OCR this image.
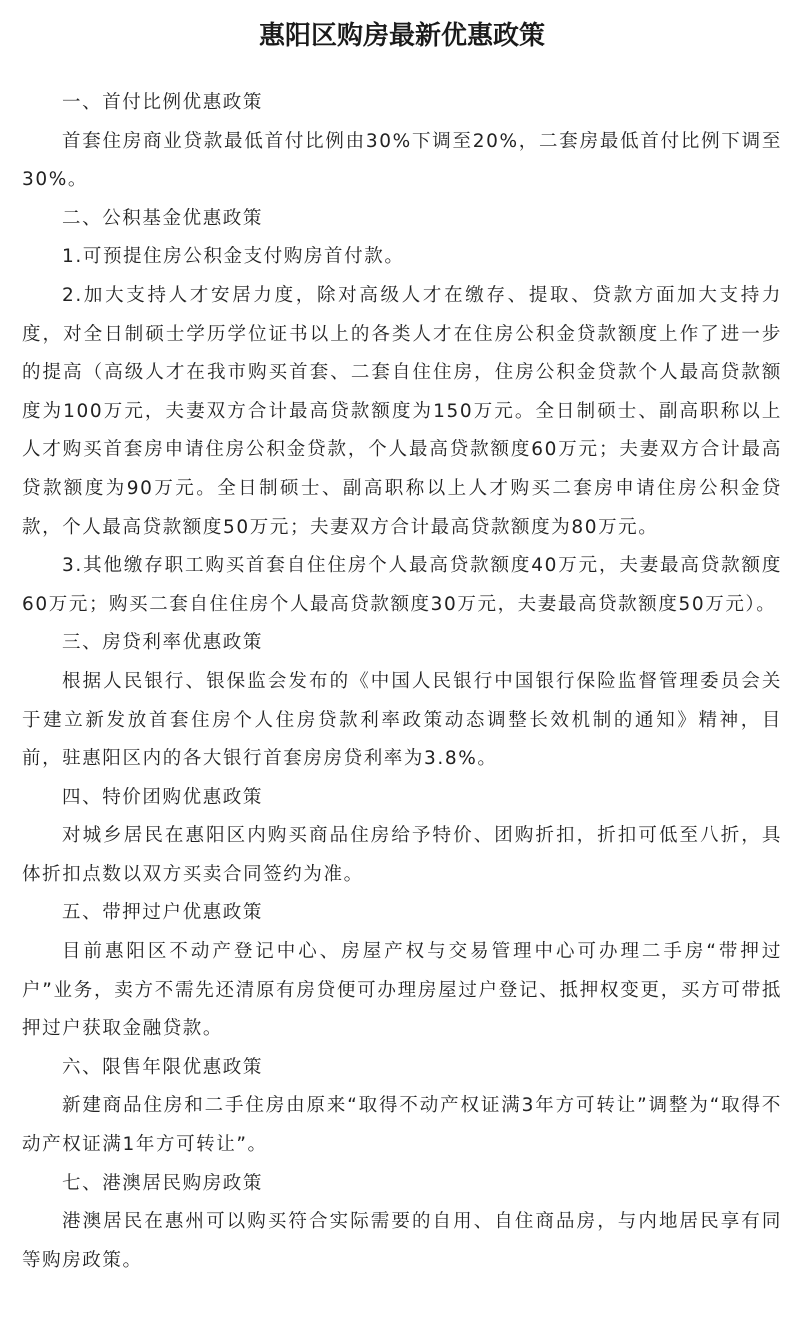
惠阳区购房最新优惠政策

一、首付比例优惠政策

首套住房商业贷款最低首付比例由30%下调至20%，二套房最低首付比例下调至30%。

二、公积基金优惠政策

1.可预提住房公积金支付购房首付款。

2.加大支持人才安居力度，除对高级人才在缴存、提取、贷款方面加大支持力度，对全日制硕士学历学位证书以上的各类人才在住房公积金贷款额度上作了进一步的提高（高级人才在我市购买首套、二套自住住房，住房公积金贷款个人最高贷款额度为100万元，夫妻双方合计最高贷款额度为150万元。全日制硕士、副高职称以上人才购买首套房申请住房公积金贷款，个人最高贷款额度60万元；夫妻双方合计最高贷款额度为90万元。全日制硕士、副高职称以上人才购买二套房申请住房公积金贷款，个人最高贷款额度50万元；夫妻双方合计最高贷款额度为80万元。

3.其他缴存职工购买首套自住住房个人最高贷款额度40万元，夫妻最高贷款额度60万元；购买二套自住住房个人最高贷款额度30万元，夫妻最高贷款额度50万元）。

三、房贷利率优惠政策

根据人民银行、银保监会发布的《中国人民银行中国银行保险监督管理委员会关于建立新发放首套住房个人住房贷款利率政策动态调整长效机制的通知》精神，目前，驻惠阳区内的各大银行首套房房贷利率为3.8%。

四、特价团购优惠政策

对城乡居民在惠阳区内购买商品住房给予特价、团购折扣，折扣可低至八折，具体折扣点数以双方买卖合同签约为准。

五、带押过户优惠政策

目前惠阳区不动产登记中心、房屋产权与交易管理中心可办理二手房“带押过户”业务，卖方不需先还清原有房贷便可办理房屋过户登记、抵押权变更，买方可带抵押过户获取金融贷款。

六、限售年限优惠政策

新建商品住房和二手住房由原来“取得不动产权证满3年方可转让”调整为“取得不动产权证满1年方可转让”。

七、港澳居民购房政策

港澳居民在惠州可以购买符合实际需要的自用、自住商品房，与内地居民享有同等购房政策。
